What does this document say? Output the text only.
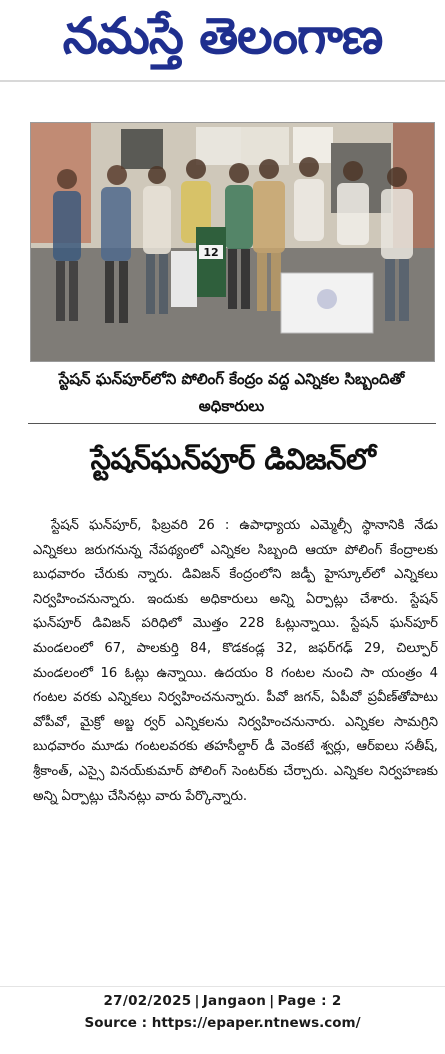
నమస్తే తెలంగాణ
12
స్టేషన్ ఘన్‌పూర్‌లోని పోలింగ్ కేంద్రం వద్ద ఎన్నికల సిబ్బందితో అధికారులు
స్టేషన్‌ఘన్‌పూర్ డివిజన్‌లో

స్టేషన్ ఘన్‌పూర్, ఫిబ్రవరి 26 : ఉపాధ్యాయ ఎమ్మెల్సీ స్థానానికి నేడు ఎన్నికలు జరుగనున్న నేపథ్యంలో ఎన్నికల సిబ్బంది ఆయా పోలింగ్ కేంద్రాలకు బుధవారం చేరుకు న్నారు. డివిజన్ కేంద్రంలోని జడ్పీ హైస్కూల్‌లో ఎన్నికలు నిర్వహించనున్నారు. ఇందుకు అధికారులు అన్ని ఏర్పాట్లు చేశారు. స్టేషన్ ఘన్‌పూర్ డివిజన్ పరిధిలో మొత్తం 228 ఓట్లున్నాయి. స్టేషన్ ఘన్‌పూర్ మండలంలో 67, పాలకుర్తి 84, కొడకండ్ల 32, జఫర్‌గఢ్ 29, చిల్పూర్ మండలంలో 16 ఓట్లు ఉన్నాయి. ఉదయం 8 గంటల నుంచి సా యంత్రం 4 గంటల వరకు ఎన్నికలు నిర్వహించనున్నారు. పీవో జగన్, ఏపీవో ప్రవీణ్‌తోపాటు వోపీవో, మైక్రో అబ్జ ర్వర్ ఎన్నికలను నిర్వహించనునారు. ఎన్నికల సామగ్రిని బుధవారం మూడు గంటలవరకు తహసీల్దార్ డీ వెంకటే శ్వర్లు, ఆర్‌ఐలు సతీష్, శ్రీకాంత్, ఎస్సై వినయ్‌కుమార్ పోలింగ్ సెంటర్‌కు చేర్చారు. ఎన్నికల నిర్వహణకు అన్ని ఏర్పాట్లు చేసినట్లు వారు పేర్కొన్నారు.

27/02/2025 | Jangaon | Page : 2
Source : https://epaper.ntnews.com/
